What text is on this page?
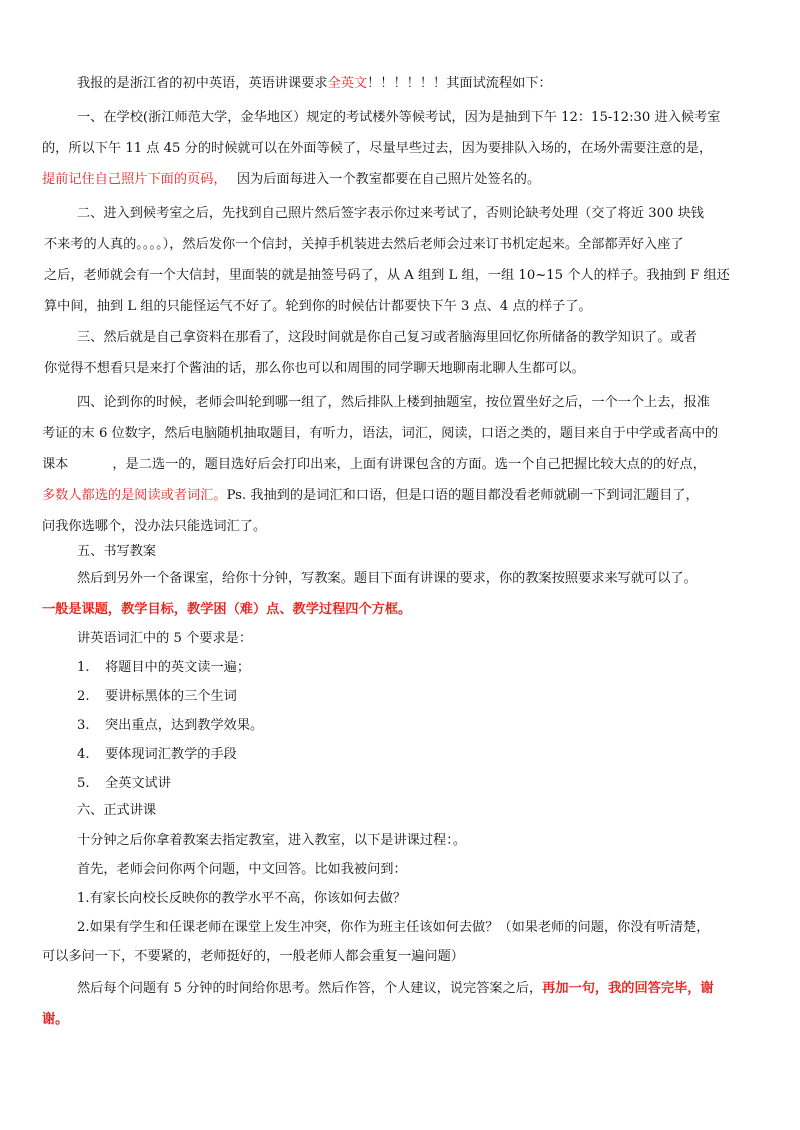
我报的是浙江省的初中英语，英语讲课要求全英文！！！！！！其面试流程如下：
一、在学校(浙江师范大学，金华地区）规定的考试楼外等候考试，因为是抽到下午 12：15-12:30 进入候考室
的，所以下午 11 点 45 分的时候就可以在外面等候了，尽量早些过去，因为要排队入场的，在场外需要注意的是，
提前记住自己照片下面的页码， 因为后面每进入一个教室都要在自己照片处签名的。
二、进入到候考室之后，先找到自己照片然后签字表示你过来考试了，否则论缺考处理（交了将近 300 块钱
不来考的人真的。。。。），然后发你一个信封，关掉手机装进去然后老师会过来订书机定起来。全部都弄好入座了
之后，老师就会有一个大信封，里面装的就是抽签号码了，从 A 组到 L 组，一组 10~15 个人的样子。我抽到 F 组还
算中间，抽到 L 组的只能怪运气不好了。轮到你的时候估计都要快下午 3 点、4 点的样子了。
三、然后就是自己拿资料在那看了，这段时间就是你自己复习或者脑海里回忆你所储备的教学知识了。或者
你觉得不想看只是来打个酱油的话，那么你也可以和周围的同学聊天地聊南北聊人生都可以。
四、论到你的时候，老师会叫轮到哪一组了，然后排队上楼到抽题室，按位置坐好之后，一个一个上去，报准
考证的末 6 位数字，然后电脑随机抽取题目，有听力，语法，词汇，阅读，口语之类的，题目来自于中学或者高中的
课本	，是二选一的，题目选好后会打印出来，上面有讲课包含的方面。选一个自己把握比较大点的的好点，
多数人都选的是阅读或者词汇。Ps. 我抽到的是词汇和口语，但是口语的题目都没看老师就刷一下到词汇题目了，
问我你选哪个，没办法只能选词汇了。
五、书写教案
然后到另外一个备课室，给你十分钟，写教案。题目下面有讲课的要求，你的教案按照要求来写就可以了。
一般是课题，教学目标，教学困（难）点、教学过程四个方框。
讲英语词汇中的 5 个要求是：
1. 将题目中的英文读一遍；
2. 要讲标黑体的三个生词
3. 突出重点，达到教学效果。
4. 要体现词汇教学的手段
5. 全英文试讲
六、正式讲课
十分钟之后你拿着教案去指定教室，进入教室，以下是讲课过程：。
首先，老师会问你两个问题，中文回答。比如我被问到：
1.有家长向校长反映你的教学水平不高，你该如何去做？
2.如果有学生和任课老师在课堂上发生冲突，你作为班主任该如何去做？（如果老师的问题，你没有听清楚，
可以多问一下，不要紧的，老师挺好的，一般老师人都会重复一遍问题）
然后每个问题有 5 分钟的时间给你思考。然后作答，个人建议，说完答案之后，再加一句，我的回答完毕，谢
谢。
